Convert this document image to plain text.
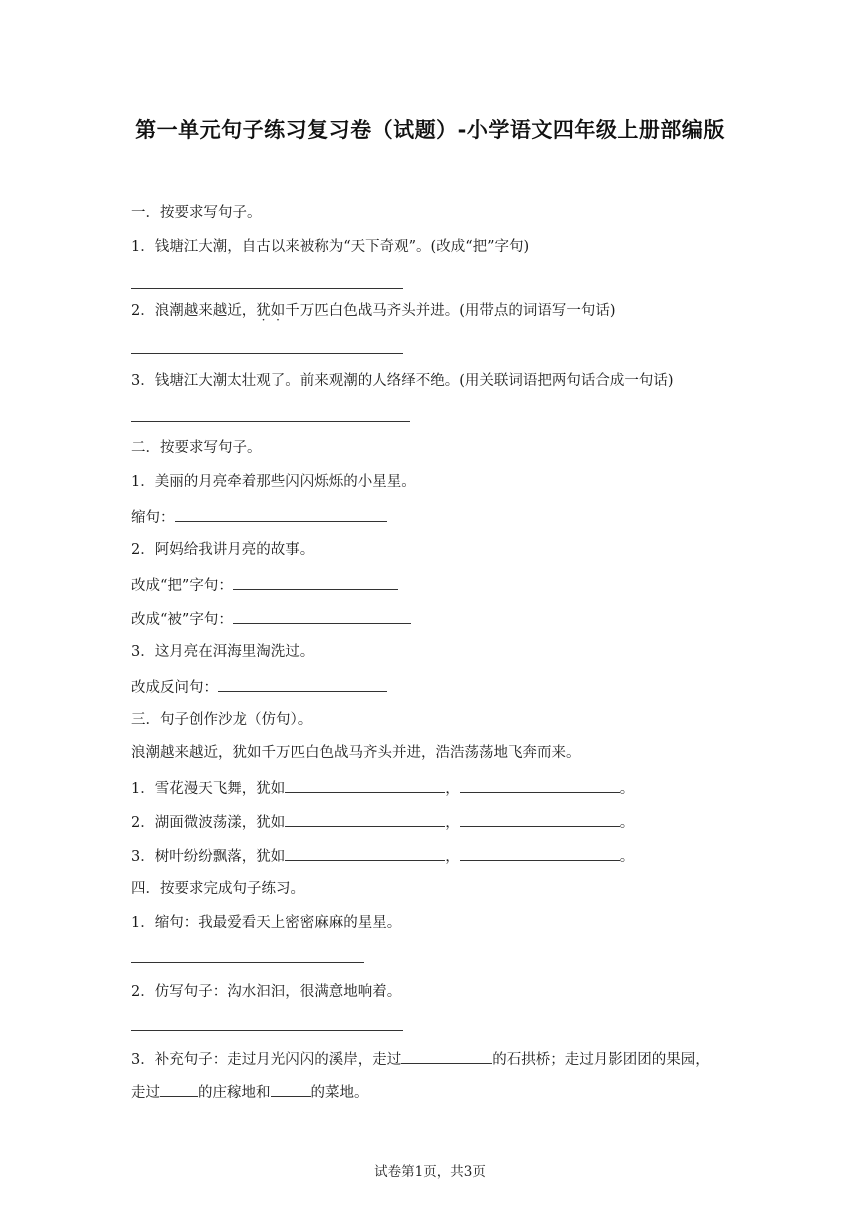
第一单元句子练习复习卷（试题）-小学语文四年级上册部编版
一．按要求写句子。
1．钱塘江大潮，自古以来被称为“天下奇观”。(改成“把”字句)
2．浪潮越来越近，犹如千万匹白色战马齐头并进。(用带点的词语写一句话)
3．钱塘江大潮太壮观了。前来观潮的人络绎不绝。(用关联词语把两句话合成一句话)
二．按要求写句子。
1．美丽的月亮牵着那些闪闪烁烁的小星星。
缩句：
2．阿妈给我讲月亮的故事。
改成“把”字句：
改成“被”字句：
3．这月亮在洱海里淘洗过。
改成反问句：
三．句子创作沙龙（仿句）。
浪潮越来越近，犹如千万匹白色战马齐头并进，浩浩荡荡地飞奔而来。
1．雪花漫天飞舞，犹如	，	。
2．湖面微波荡漾，犹如	，	。
3．树叶纷纷飘落，犹如	，	。
四．按要求完成句子练习。
1．缩句：我最爱看天上密密麻麻的星星。
2．仿写句子：沟水汩汩，很满意地响着。
3．补充句子：走过月光闪闪的溪岸，走过	的石拱桥；走过月影团团的果园，
走过	的庄稼地和	的菜地。
试卷第1页，共3页
